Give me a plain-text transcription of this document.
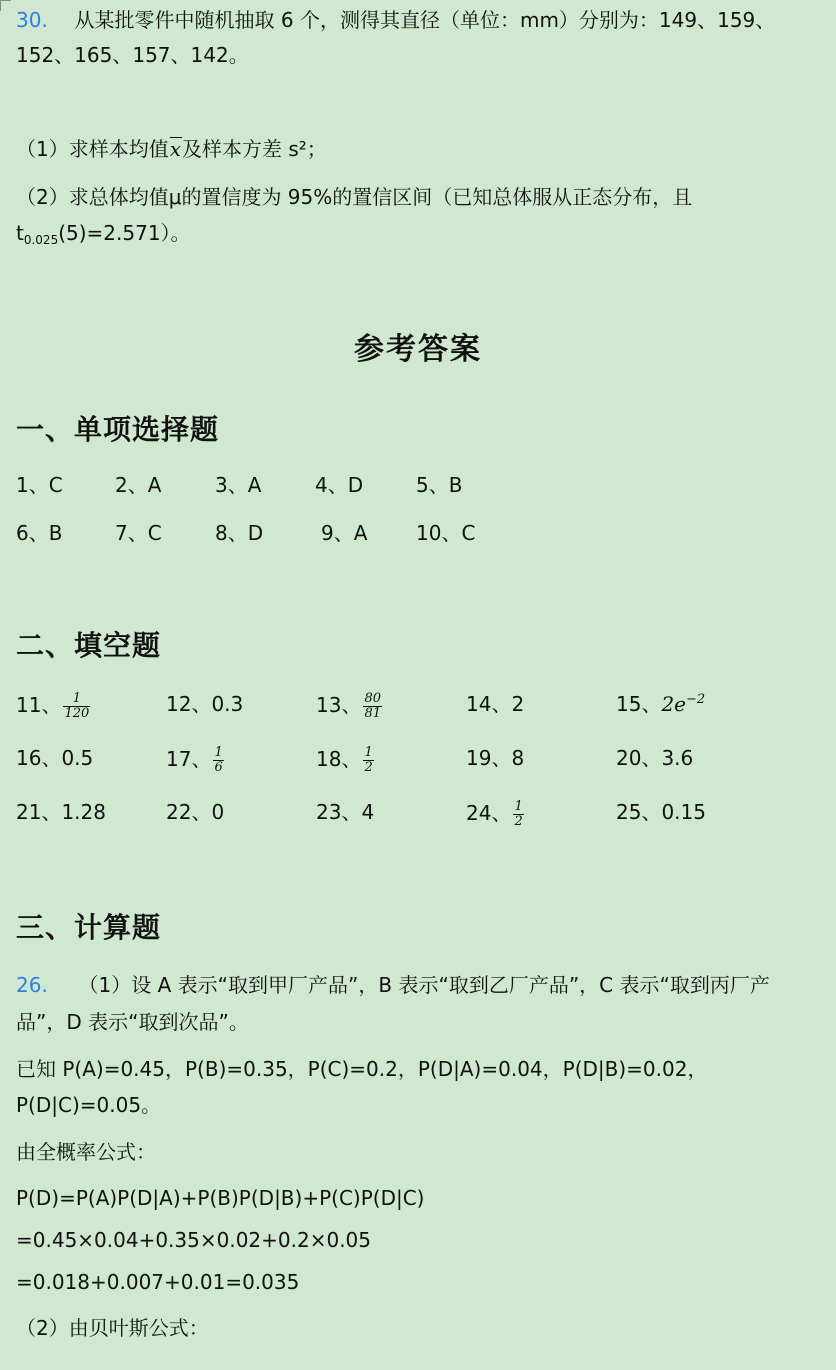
30. 从某批零件中随机抽取 6 个，测得其直径（单位：mm）分别为：149、159、
152、165、157、142。
（1）求样本均值x及样本方差 s²；
（2）求总体均值μ的置信度为 95%的置信区间（已知总体服从正态分布，且
$t_{0.025}(5)=2.571$）。
参考答案
一、单项选择题
1、C	2、A	3、A	4、D	5、B
6、B	7、C	8、D	9、A 10、C
二、填空题
11、 $\frac{1}{120}$	12、0.3	13、 $\frac{80}{81}$	14、2	15、$2e^{-2}$
16、0.5	17、 $\frac{1}{6}$	18、 $\frac{1}{2}$	19、8	20、3.6
21、1.28	22、0	23、4	24、 $\frac{1}{2}$	25、0.15
三、计算题
26. （1）设 A 表示“取到甲厂产品”，B 表示“取到乙厂产品”，C 表示“取到丙厂产
品”，D 表示“取到次品”。
已知 P(A)=0.45，P(B)=0.35，P(C)=0.2，P(D|A)=0.04，P(D|B)=0.02，
P(D|C)=0.05。
由全概率公式：
P(D)=P(A)P(D|A)+P(B)P(D|B)+P(C)P(D|C)
=0.45×0.04+0.35×0.02+0.2×0.05
=0.018+0.007+0.01=0.035
（2）由贝叶斯公式：
